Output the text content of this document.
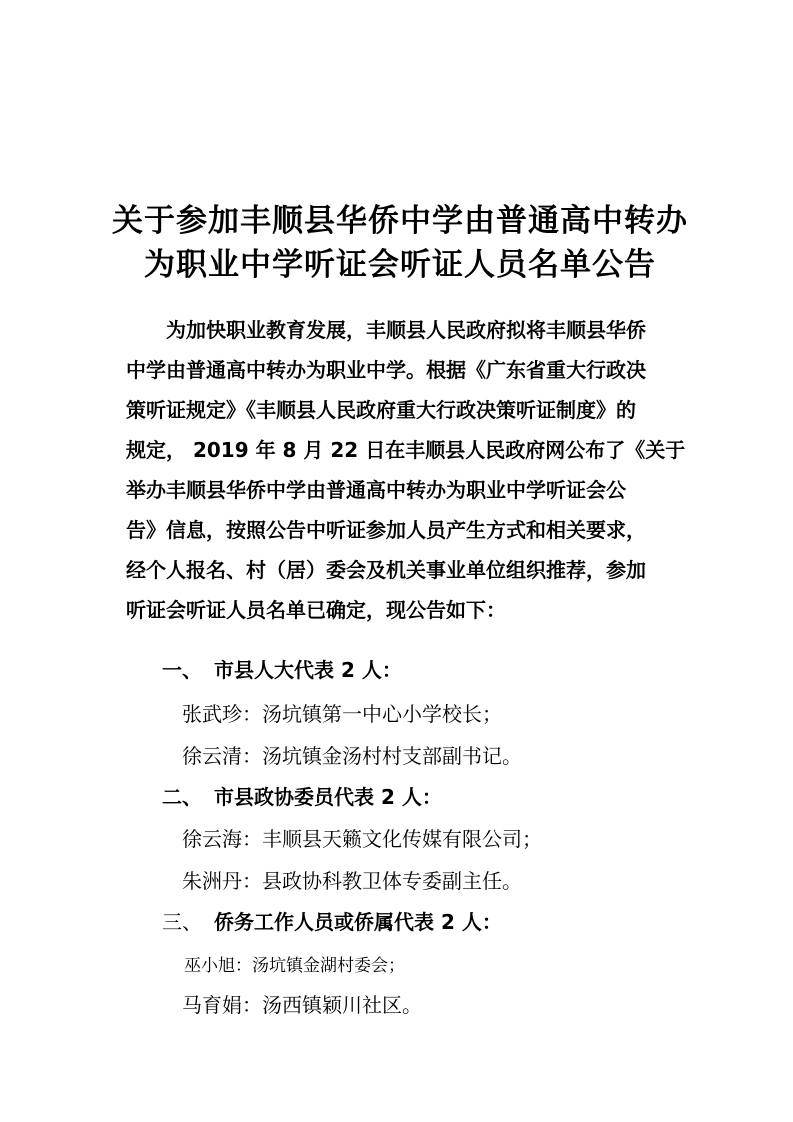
关于参加丰顺县华侨中学由普通高中转办
为职业中学听证会听证人员名单公告
　　为加快职业教育发展，丰顺县人民政府拟将丰顺县华侨
中学由普通高中转办为职业中学。根据《广东省重大行政决
策听证规定》《丰顺县人民政府重大行政决策听证制度》的
规定， 2019 年 8 月 22 日在丰顺县人民政府网公布了《关于
举办丰顺县华侨中学由普通高中转办为职业中学听证会公
告》信息，按照公告中听证参加人员产生方式和相关要求，
经个人报名、村（居）委会及机关事业单位组织推荐，参加
听证会听证人员名单已确定，现公告如下：
一、 市县人大代表 2 人：
张武珍：汤坑镇第一中心小学校长；
徐云清：汤坑镇金汤村村支部副书记。
二、 市县政协委员代表 2 人：
徐云海：丰顺县天籁文化传媒有限公司；
朱洲丹：县政协科教卫体专委副主任。
三、 侨务工作人员或侨属代表 2 人：
巫小旭：汤坑镇金湖村委会；
马育娟：汤西镇颖川社区。
